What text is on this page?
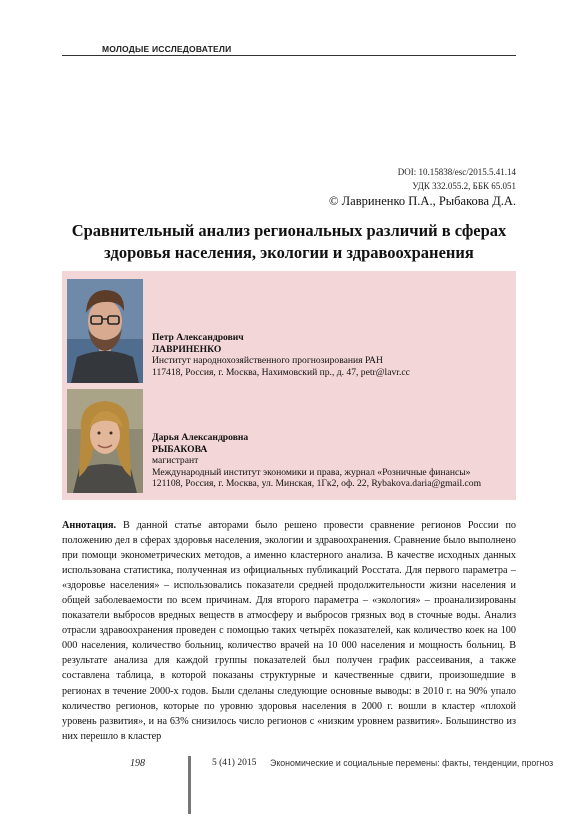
МОЛОДЫЕ ИССЛЕДОВАТЕЛИ
DOI: 10.15838/esc/2015.5.41.14
УДК 332.055.2, ББК 65.051
© Лавриненко П.А., Рыбакова Д.А.
Сравнительный анализ региональных различий в сферах
здоровья населения, экологии и здравоохранения
Петр Александрович
ЛАВРИНЕНКО
Институт народнохозяйственного прогнозирования РАН
117418, Россия, г. Москва, Нахимовский пр., д. 47, petr@lavr.cc
Дарья Александровна
РЫБАКОВА
магистрант
Международный институт экономики и права, журнал «Розничные финансы»
121108, Россия, г. Москва, ул. Минская, 1Гк2, оф. 22, Rybakova.daria@gmail.com
Аннотация. В данной статье авторами было решено провести сравнение регионов России по положению дел в сферах здоровья населения, экологии и здравоохранения. Сравнение было выполнено при помощи эконометрических методов, а именно кластерного анализа. В качестве исходных данных использована статистика, полученная из официальных публикаций Росстата. Для первого параметра – «здоровье населения» – использовались показатели средней продолжительности жизни населения и общей заболеваемости по всем причинам. Для второго параметра – «экология» – проанализированы показатели выбросов вредных веществ в атмосферу и выбросов грязных вод в сточные воды. Анализ отрасли здравоохранения проведен с помощью таких четырёх показателей, как количество коек на 100 000 населения, количество больниц, количество врачей на 10 000 населения и мощность больниц. В результате анализа для каждой группы показателей был получен график рассеивания, а также составлена таблица, в которой показаны структурные и качественные сдвиги, произошедшие в регионах в течение 2000-х годов. Были сделаны следующие основные выводы: в 2010 г. на 90% упало количество регионов, которые по уровню здоровья населения в 2000 г. вошли в кластер «плохой уровень развития», и на 63% снизилось число регионов с «низким уровнем развития». Большинство из них перешло в кластер
198	5 (41) 2015 Экономические и социальные перемены: факты, тенденции, прогноз
